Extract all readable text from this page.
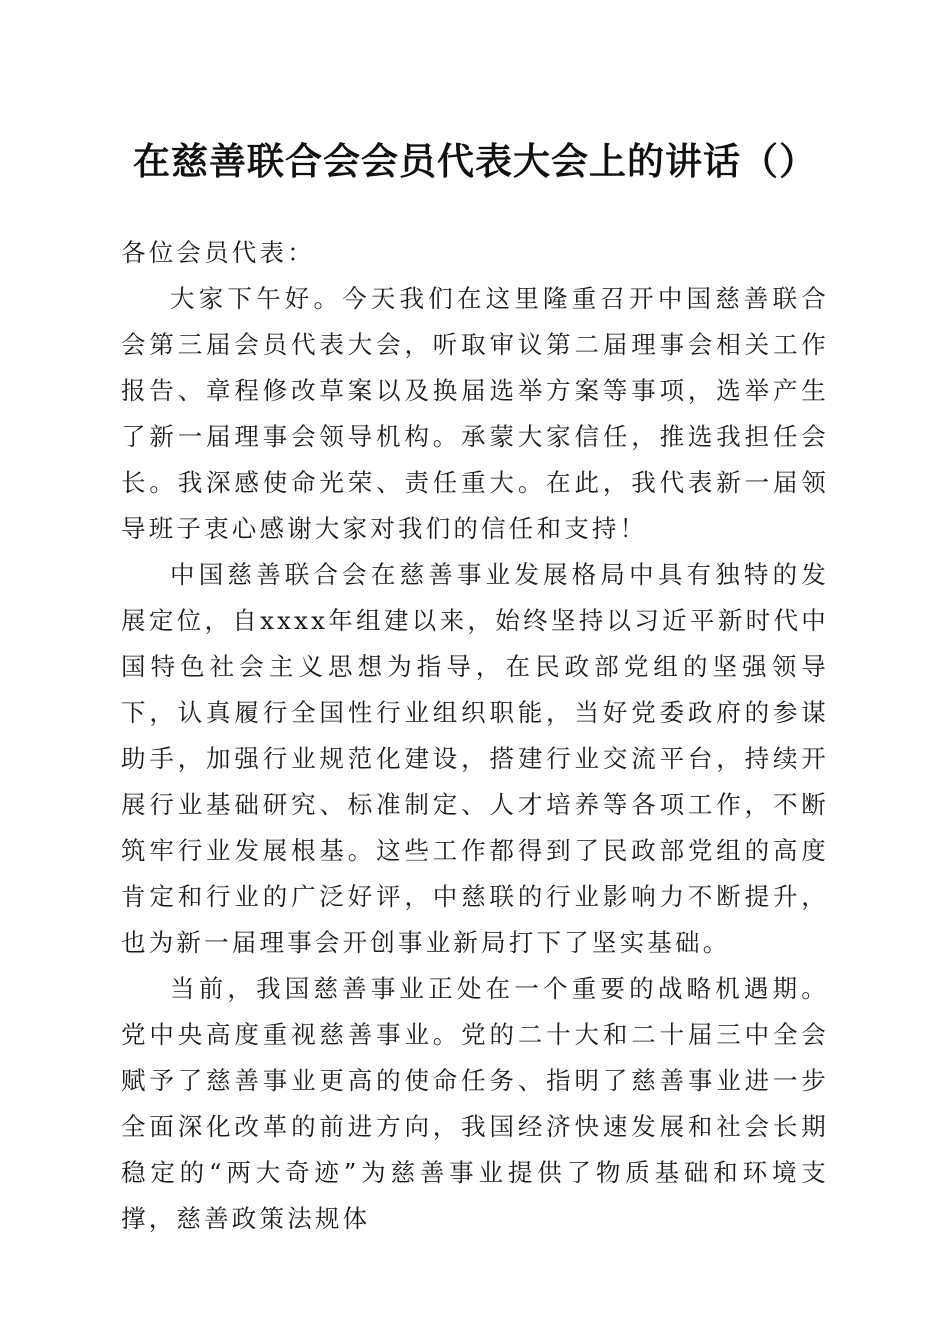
在慈善联合会会员代表大会上的讲话（）

各位会员代表：

大家下午好。今天我们在这里隆重召开中国慈善联合会第三届会员代表大会，听取审议第二届理事会相关工作报告、章程修改草案以及换届选举方案等事项，选举产生了新一届理事会领导机构。承蒙大家信任，推选我担任会长。我深感使命光荣、责任重大。在此，我代表新一届领导班子衷心感谢大家对我们的信任和支持！

中国慈善联合会在慈善事业发展格局中具有独特的发展定位，自xxxx年组建以来，始终坚持以习近平新时代中国特色社会主义思想为指导，在民政部党组的坚强领导下，认真履行全国性行业组织职能，当好党委政府的参谋助手，加强行业规范化建设，搭建行业交流平台，持续开展行业基础研究、标准制定、人才培养等各项工作，不断筑牢行业发展根基。这些工作都得到了民政部党组的高度肯定和行业的广泛好评，中慈联的行业影响力不断提升，也为新一届理事会开创事业新局打下了坚实基础。

当前，我国慈善事业正处在一个重要的战略机遇期。党中央高度重视慈善事业。党的二十大和二十届三中全会赋予了慈善事业更高的使命任务、指明了慈善事业进一步全面深化改革的前进方向，我国经济快速发展和社会长期稳定的“两大奇迹”为慈善事业提供了物质基础和环境支撑，慈善政策法规体
